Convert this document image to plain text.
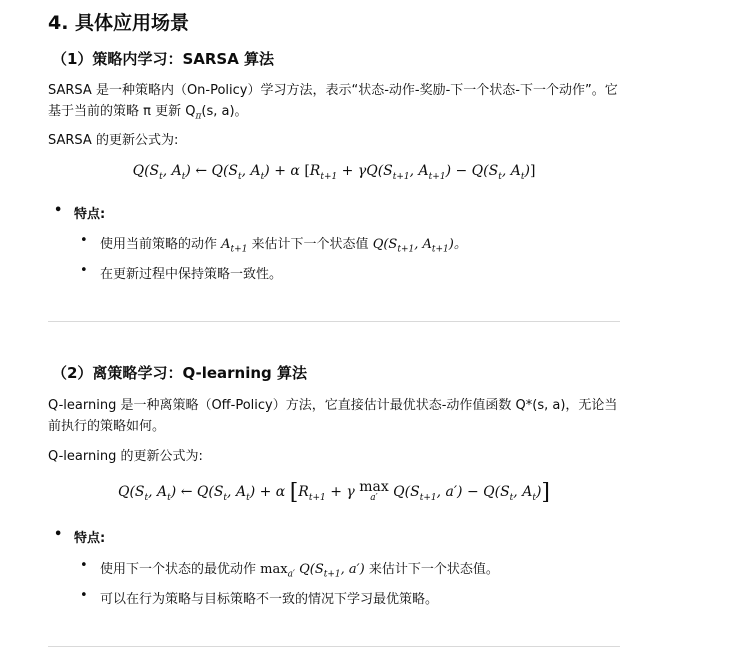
4. 具体应用场景
（1）策略内学习：SARSA 算法

SARSA 是一种策略内（On-Policy）学习方法，表示“状态-动作-奖励-下一个状态-下一个动作”。它
基于当前的策略 π 更新 $Q_\pi(s$, a)。

SARSA 的更新公式为:

$Q(S_t$, $A_t$) ← $Q(S_t$, $A_t) + \alpha$ [$R_{t+1} + \gamma Q(S_{t+1}$, $A_{t+1}) - Q(S_t$, $A_t$)]
• 特点:
• 使用当前策略的动作 $A_{t+1}$ 来估计下一个状态值 $Q(S_{t+1}$, $A_{t+1}$)。
• 在更新过程中保持策略一致性。
（2）离策略学习：Q-learning 算法

Q-learning 是一种离策略（Off-Policy）方法，它直接估计最优状态-动作值函数 Q*(s, a)，无论当
前执行的策略如何。

Q-learning 的更新公式为:

$Q(S_t$, $A_t$) ← $Q(S_t$, $A_t) + \alpha$ [$R_{t+1} + \gamma$ max
a′ $Q(S_{t+1}$, $a') - Q(S_t$, $A_t$)]
• 特点:
• 使用下一个状态的最优动作 $\max_{a'} Q(S_{t+1}$, a′) 来估计下一个状态值。
• 可以在行为策略与目标策略不一致的情况下学习最优策略。
